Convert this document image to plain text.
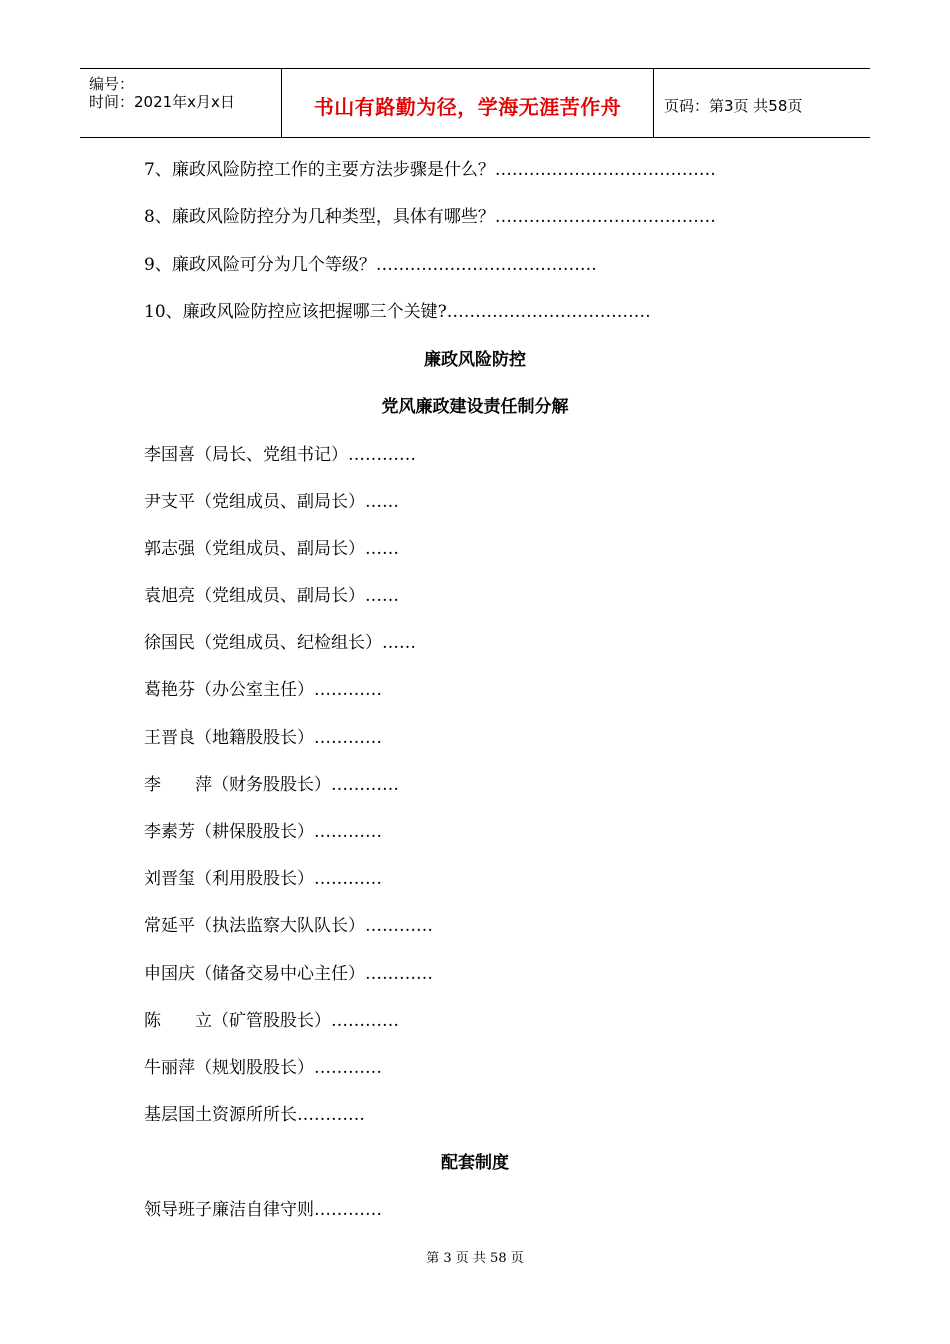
编号：
时间：2021年x月x日	书山有路勤为径，学海无涯苦作舟	页码：第3页 共58页
7、廉政风险防控工作的主要方法步骤是什么？…………………………………
8、廉政风险防控分为几种类型，具体有哪些？…………………………………
9、廉政风险可分为几个等级？…………………………………
10、廉政风险防控应该把握哪三个关键?………………………………
廉政风险防控
党风廉政建设责任制分解
李国喜（局长、党组书记）…………
尹支平（党组成员、副局长）……
郭志强（党组成员、副局长）……
袁旭亮（党组成员、副局长）……
徐国民（党组成员、纪检组长）……
葛艳芬（办公室主任）…………
王晋良（地籍股股长）…………
李　　萍（财务股股长）…………
李素芳（耕保股股长）…………
刘晋玺（利用股股长）…………
常延平（执法监察大队队长）…………
申国庆（储备交易中心主任）…………
陈　　立（矿管股股长）…………
牛丽萍（规划股股长）…………
基层国土资源所所长…………
配套制度
领导班子廉洁自律守则…………
第 3 页 共 58 页
